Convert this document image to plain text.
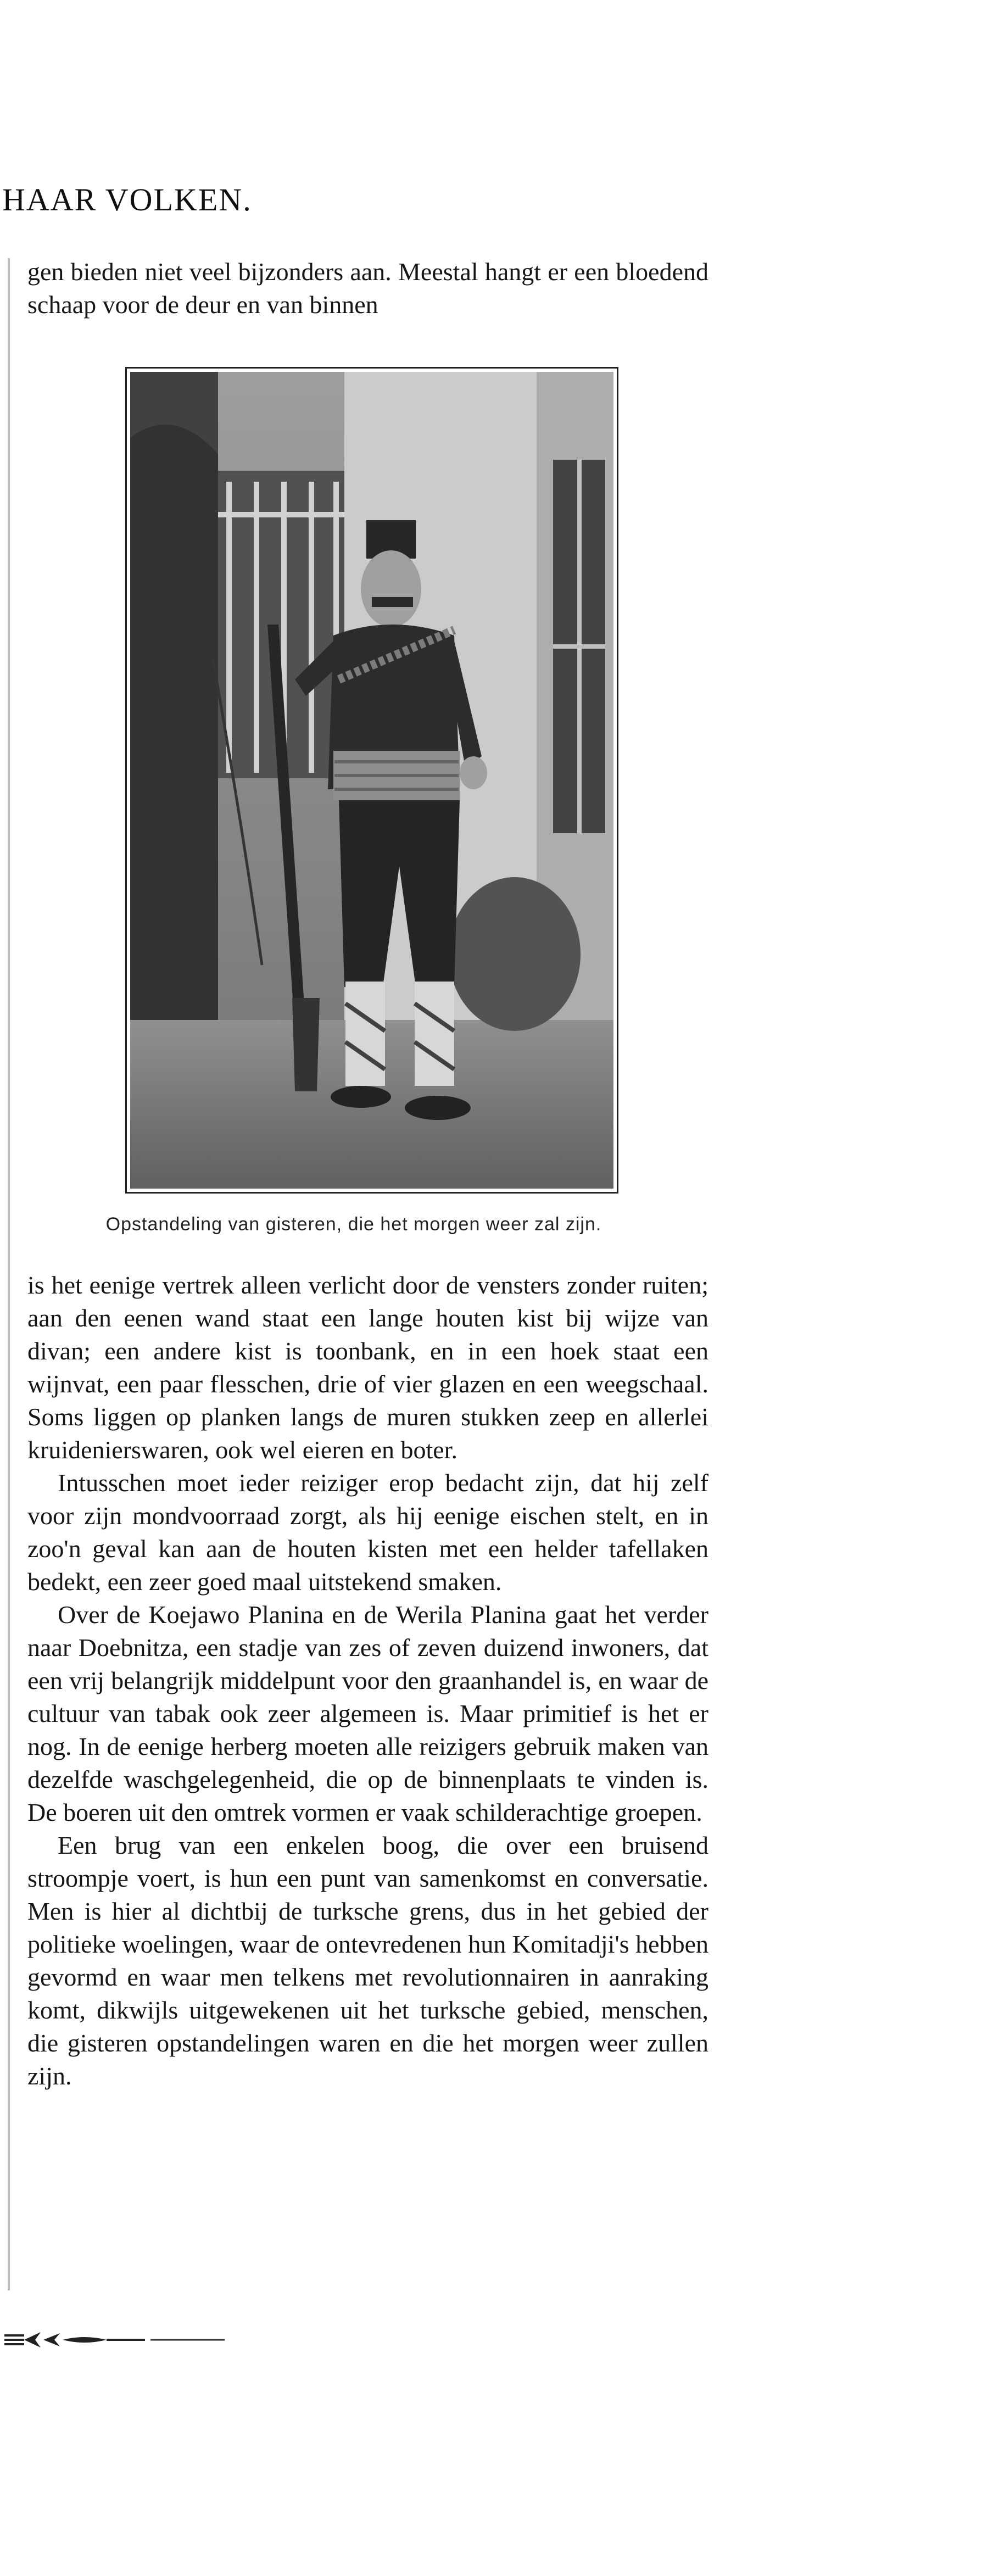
HAAR VOLKEN.

gen bieden niet veel bijzonders aan. Meestal hangt er een bloedend schaap voor de deur en van binnen

Opstandeling van gisteren, die het morgen weer zal zijn.

is het eenige vertrek alleen verlicht door de vensters zonder ruiten; aan den eenen wand staat een lange houten kist bij wijze van divan; een andere kist is toonbank, en in een hoek staat een wijnvat, een paar flesschen, drie of vier glazen en een weegschaal. Soms liggen op planken langs de muren stukken zeep en allerlei kruidenierswaren, ook wel eieren en boter.

Intusschen moet ieder reiziger erop bedacht zijn, dat hij zelf voor zijn mondvoorraad zorgt, als hij eenige eischen stelt, en in zoo'n geval kan aan de houten kisten met een helder tafellaken bedekt, een zeer goed maal uitstekend smaken.

Over de Koejawo Planina en de Werila Planina gaat het verder naar Doebnitza, een stadje van zes of zeven duizend inwoners, dat een vrij belangrijk middelpunt voor den graanhandel is, en waar de cultuur van tabak ook zeer algemeen is. Maar primitief is het er nog. In de eenige herberg moeten alle reizigers gebruik maken van dezelfde waschgelegenheid, die op de binnenplaats te vinden is. De boeren uit den omtrek vormen er vaak schilderachtige groepen.

Een brug van een enkelen boog, die over een bruisend stroompje voert, is hun een punt van samenkomst en conversatie. Men is hier al dichtbij de turksche grens, dus in het gebied der politieke woelingen, waar de ontevredenen hun Komitadji's hebben gevormd en waar men telkens met revolutionnairen in aanraking komt, dikwijls uitgewekenen uit het turksche gebied, menschen, die gisteren opstandelingen waren en die het morgen weer zullen zijn.
